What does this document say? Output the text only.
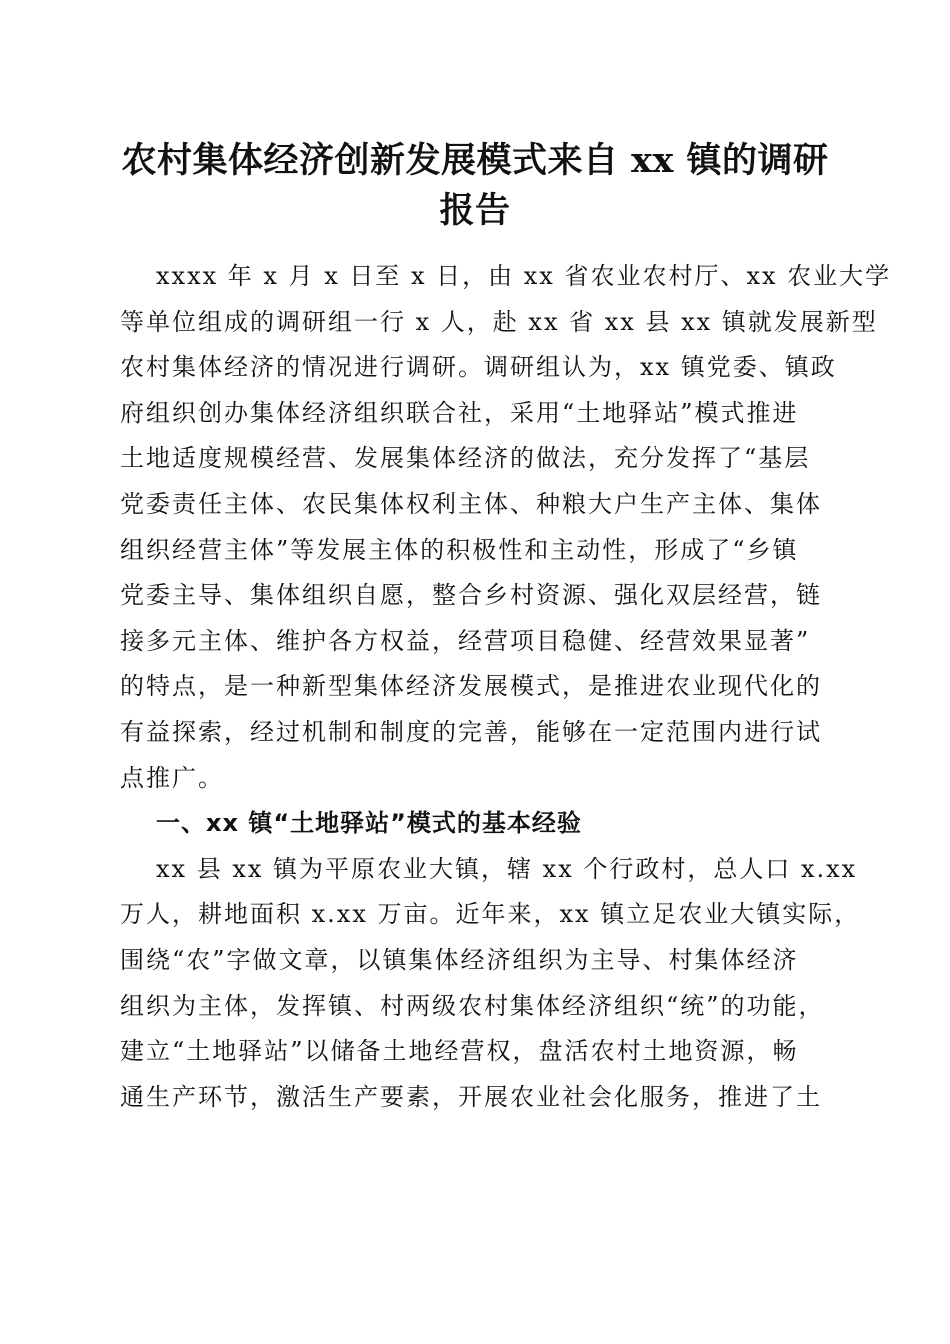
农村集体经济创新发展模式来自 xx 镇的调研
报告
xxxx 年 x 月 x 日至 x 日，由 xx 省农业农村厅、xx 农业大学
等单位组成的调研组一行 x 人，赴 xx 省 xx 县 xx 镇就发展新型
农村集体经济的情况进行调研。调研组认为，xx 镇党委、镇政
府组织创办集体经济组织联合社，采用“土地驿站”模式推进
土地适度规模经营、发展集体经济的做法，充分发挥了“基层
党委责任主体、农民集体权利主体、种粮大户生产主体、集体
组织经营主体”等发展主体的积极性和主动性，形成了“乡镇
党委主导、集体组织自愿，整合乡村资源、强化双层经营，链
接多元主体、维护各方权益，经营项目稳健、经营效果显著”
的特点，是一种新型集体经济发展模式，是推进农业现代化的
有益探索，经过机制和制度的完善，能够在一定范围内进行试
点推广。
一、xx 镇“土地驿站”模式的基本经验
xx 县 xx 镇为平原农业大镇，辖 xx 个行政村，总人口 x.xx
万人，耕地面积 x.xx 万亩。近年来，xx 镇立足农业大镇实际，
围绕“农”字做文章，以镇集体经济组织为主导、村集体经济
组织为主体，发挥镇、村两级农村集体经济组织“统”的功能，
建立“土地驿站”以储备土地经营权，盘活农村土地资源，畅
通生产环节，激活生产要素，开展农业社会化服务，推进了土
